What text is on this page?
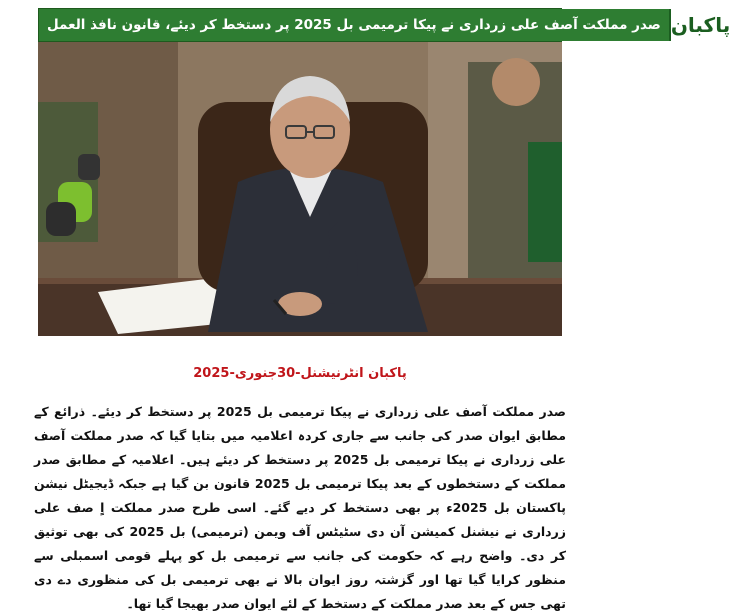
صدر مملکت آصف علی زرداری نے پیکا ترمیمی بل 2025 پر دستخط کر دیئے، قانون نافذ العمل پاکبان
پاکبان انٹرنیشنل-30جنوری-2025
صدر مملکت آصف علی زرداری نے پیکا ترمیمی بل 2025 پر دستخط کر دیئے۔ ذرائع کے مطابق ایوان صدر کی جانب سے جاری کردہ اعلامیہ میں بتایا گیا کہ صدر مملکت آصف علی زرداری نے پیکا ترمیمی بل 2025 پر دستخط کر دیئے ہیں۔ اعلامیہ کے مطابق صدر مملکت کے دستخطوں کے بعد پیکا ترمیمی بل 2025 قانون بن گیا ہے جبکہ ڈیجیٹل نیشن پاکستان بل 2025ء پر بھی دستخط کر دیے گئے۔ اسی طرح صدر مملکت اٍ صف علی زرداری نے نیشنل کمیشن آن دی سٹیٹس آف ویمن (ترمیمی) بل 2025 کی بھی توثیق کر دی۔ واضح رہے کہ حکومت کی جانب سے ترمیمی بل کو پہلے قومی اسمبلی سے منظور کرایا گیا تھا اور گزشتہ روز ایوان بالا نے بھی ترمیمی بل کی منظوری دے دی تھی جس کے بعد صدر مملکت کے دستخط کے لئے ایوان صدر بھیجا گیا تھا۔
